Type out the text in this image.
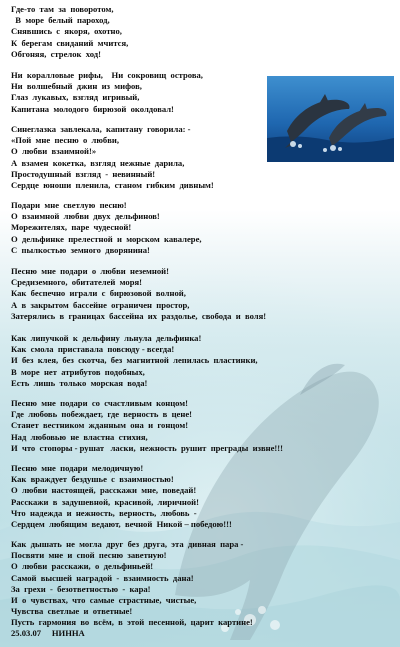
Где-то  там  за  поворотом,
В  море  белый  пароход,
Снявшись  с  якоря,  охотно,
К  берегам  свиданий  мчится,
Обгоняя,  стрелок  ход!
Ни  коралловые  рифы,    Ни  сокровищ  острова,
Ни  волшебный  джин  из  мифов,
Глаз  лукавых,  взгляд  игривый,
Капитана  молодого  бирюзой  околдовал!
Синеглазка  завлекала,  капитану  говорила: -
«Пой  мне  песню  о  любви,
О  любви  взаимной!»
А  взамен  кокетка,  взгляд  нежные  дарила,
Простодушный  взгляд  -  невинный!
Сердце  юноши  пленила,  станом  гибким  дивным!
Подари  мне  светлую  песню!
О  взаимной  любви  двух  дельфинов!
Морежителях,  паре  чудесной!
О  дельфинке  прелестной  и  морском  кавалере,
С  пылкостью  земного  дворянина!
Песню  мне  подари  о  любви  неземной!
Средиземного,  обитателей  моря!
Как  беспечно  играли  с  бирюзовой  волной,
А  в  закрытом  бассейне  ограничен  простор,
Затерялись  в  границах  бассейна  их  раздолье,  свобода  и  воля!
Как  липучкой  к  дельфину  льнула  дельфинка!
Как  смола  приставала  повсюду - всегда!
И  без  клея,  без  скотча,  без  магнитной  лепилась  пластинки,
В  море  нет  атрибутов  подобных,
Есть  лишь  только  морская  вода!
Песню  мне  подари  со  счастливым  концом!
Где  любовь  побеждает,  где  верность  в  цене!
Станет  вестником  жданным  она  и  гонцом!
Над  любовью  не  властна  стихия,
И  что  стопоры - рушат   ласки,  нежность  рушит  преграды  извне!!!
Песню  мне  подари  мелодичную!
Как  враждует  бездушье  с  взаимностью!
О  любви  настоящей,  расскажи  мне,  поведай!
Расскажи  в  задушевной,  красивой,  лиричной!
Что  надежда  и  нежность,  верность,  любовь  -
Сердцем  любящим  ведают,  вечной  Никой – победою!!!
Как  дышать  не  могла  друг  без  друга,  эта  дивная  пара -
Посвяти  мне  и  спой  песню  заветную!
О  любви  расскажи,  о  дельфиньей!
Самой  высшей  наградой  -  взаимность  дана!
За  грехи  -  безответностью  -  кара!
И  о  чувствах,  что  самые  страстные,  чистые,
Чувства  светлые  и  ответные!
Пусть  гармония  во  всём,  в  этой  песенной,  царит  картине!
25.03.07     НИННА
